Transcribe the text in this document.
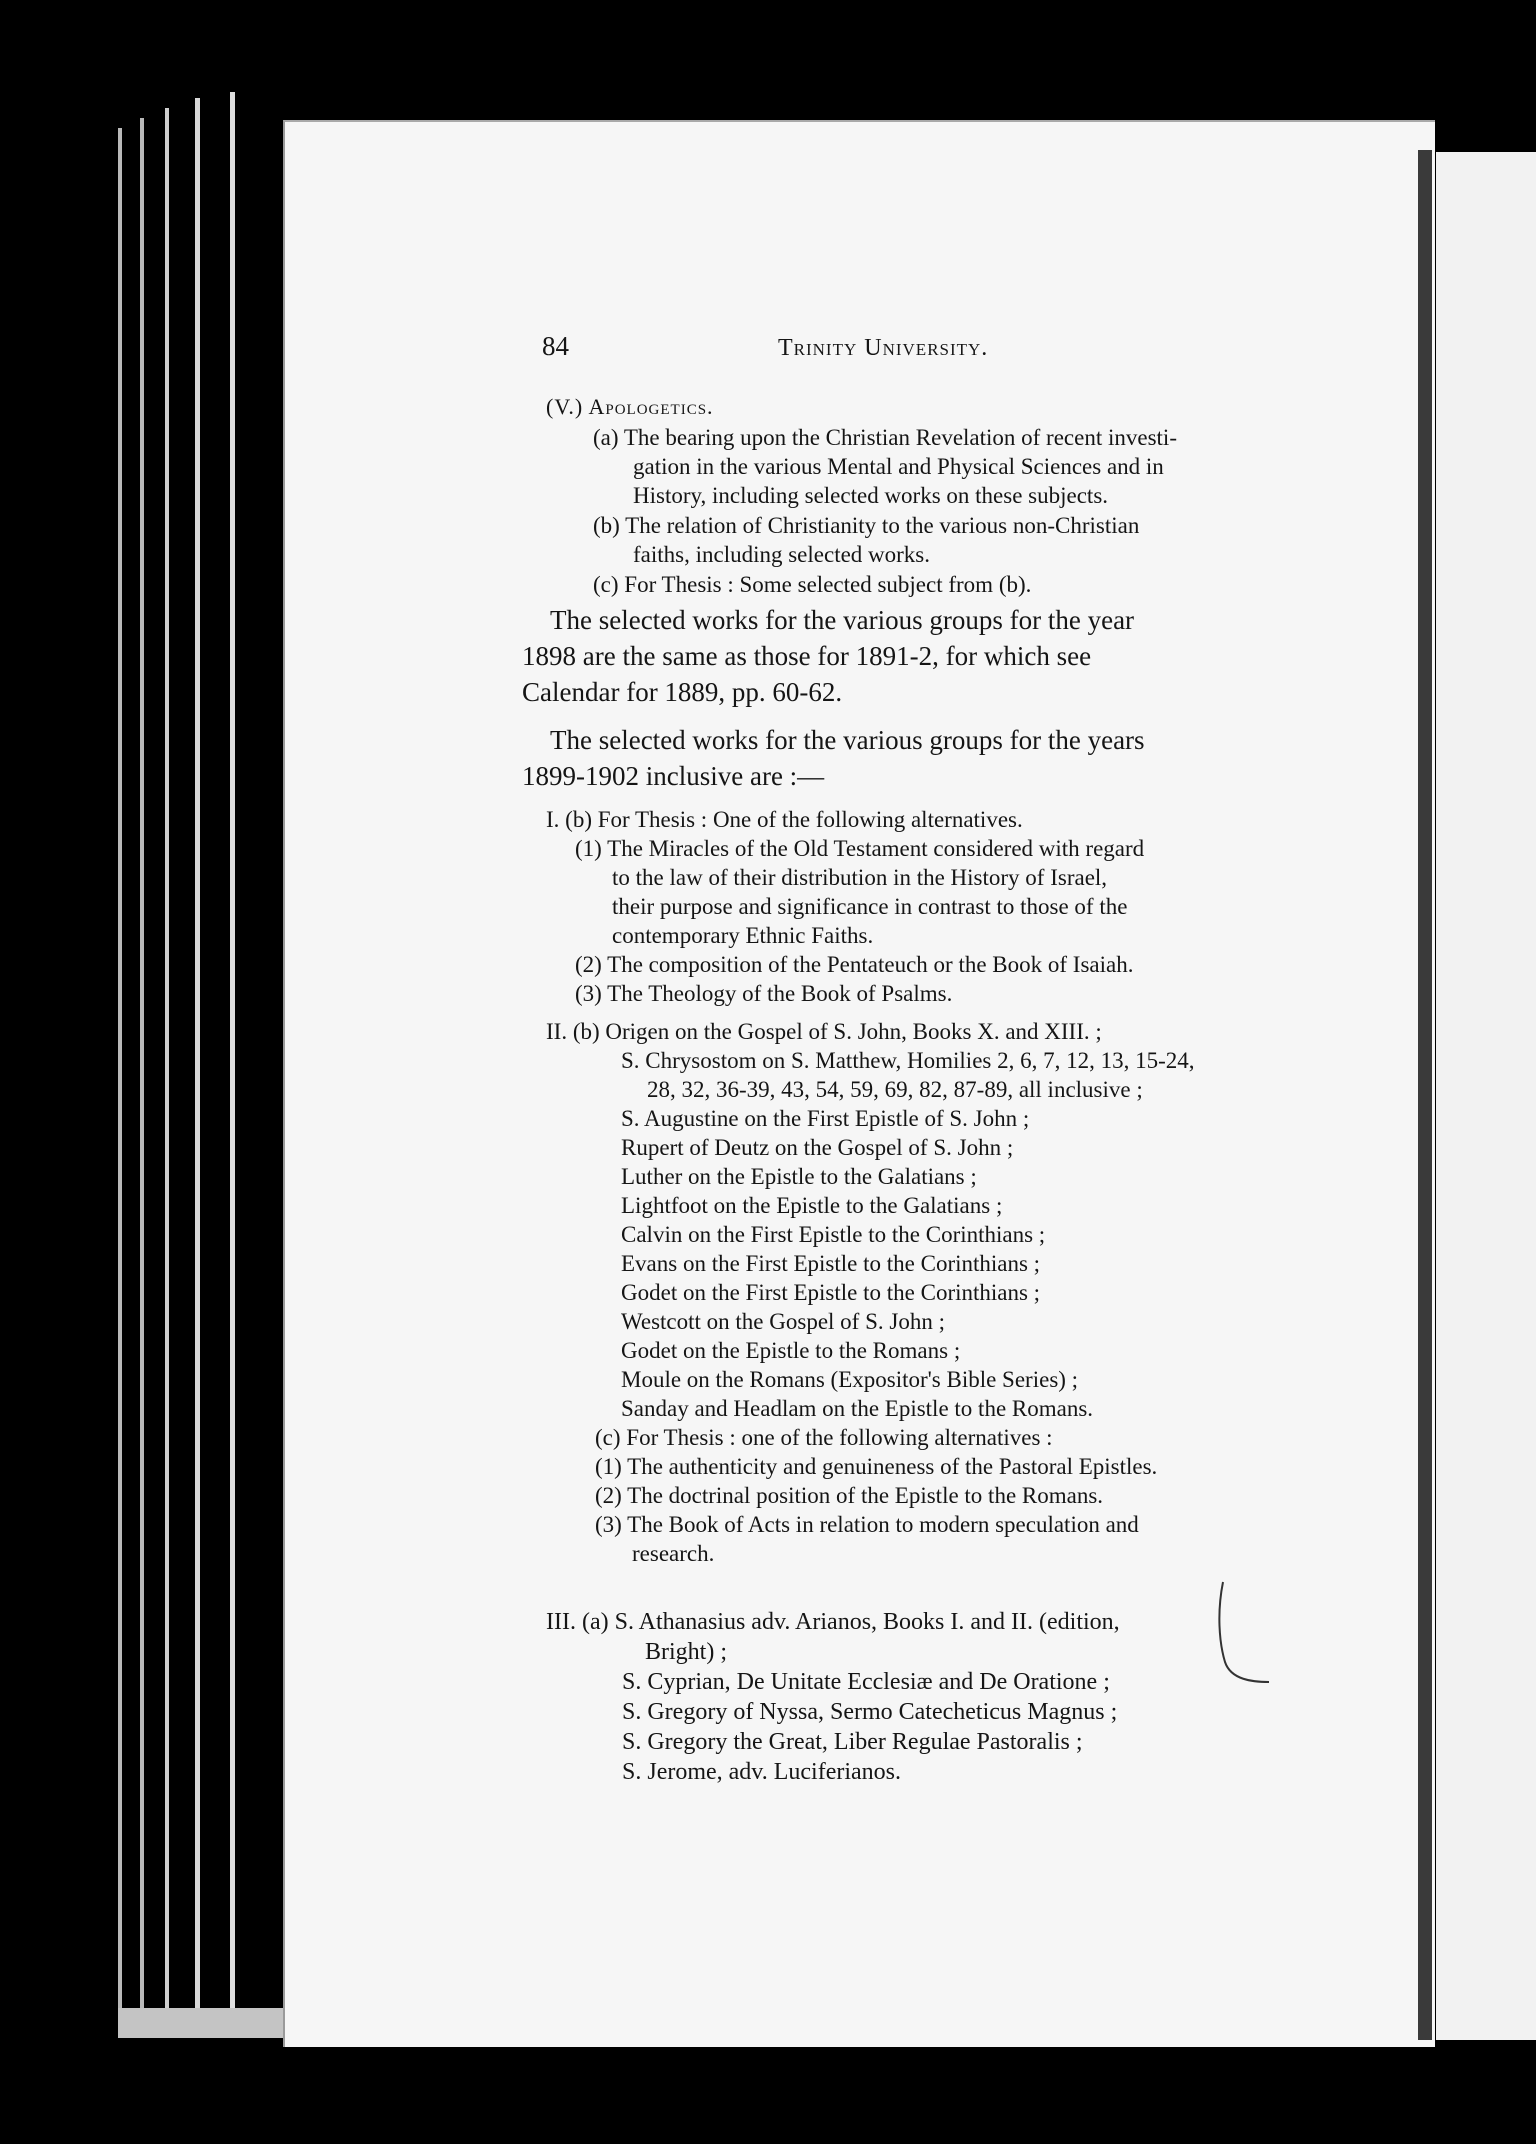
84	Trinity University.
(V.) Apologetics.
(a) The bearing upon the Christian Revelation of recent investi-
gation in the various Mental and Physical Sciences and in
History, including selected works on these subjects.
(b) The relation of Christianity to the various non-Christian
faiths, including selected works.
(c) For Thesis : Some selected subject from (b).
The selected works for the various groups for the year
1898 are the same as those for 1891-2, for which see
Calendar for 1889, pp. 60-62.
The selected works for the various groups for the years
1899-1902 inclusive are :—
I. (b) For Thesis : One of the following alternatives.
(1) The Miracles of the Old Testament considered with regard
to the law of their distribution in the History of Israel,
their purpose and significance in contrast to those of the
contemporary Ethnic Faiths.
(2) The composition of the Pentateuch or the Book of Isaiah.
(3) The Theology of the Book of Psalms.
II. (b) Origen on the Gospel of S. John, Books X. and XIII. ;
S. Chrysostom on S. Matthew, Homilies 2, 6, 7, 12, 13, 15-24,
28, 32, 36-39, 43, 54, 59, 69, 82, 87-89, all inclusive ;
S. Augustine on the First Epistle of S. John ;
Rupert of Deutz on the Gospel of S. John ;
Luther on the Epistle to the Galatians ;
Lightfoot on the Epistle to the Galatians ;
Calvin on the First Epistle to the Corinthians ;
Evans on the First Epistle to the Corinthians ;
Godet on the First Epistle to the Corinthians ;
Westcott on the Gospel of S. John ;
Godet on the Epistle to the Romans ;
Moule on the Romans (Expositor's Bible Series) ;
Sanday and Headlam on the Epistle to the Romans.
(c) For Thesis : one of the following alternatives :
(1) The authenticity and genuineness of the Pastoral Epistles.
(2) The doctrinal position of the Epistle to the Romans.
(3) The Book of Acts in relation to modern speculation and
research.
III. (a) S. Athanasius adv. Arianos, Books I. and II. (edition,
Bright) ;
S. Cyprian, De Unitate Ecclesiæ and De Oratione ;
S. Gregory of Nyssa, Sermo Catecheticus Magnus ;
S. Gregory the Great, Liber Regulae Pastoralis ;
S. Jerome, adv. Luciferianos.
